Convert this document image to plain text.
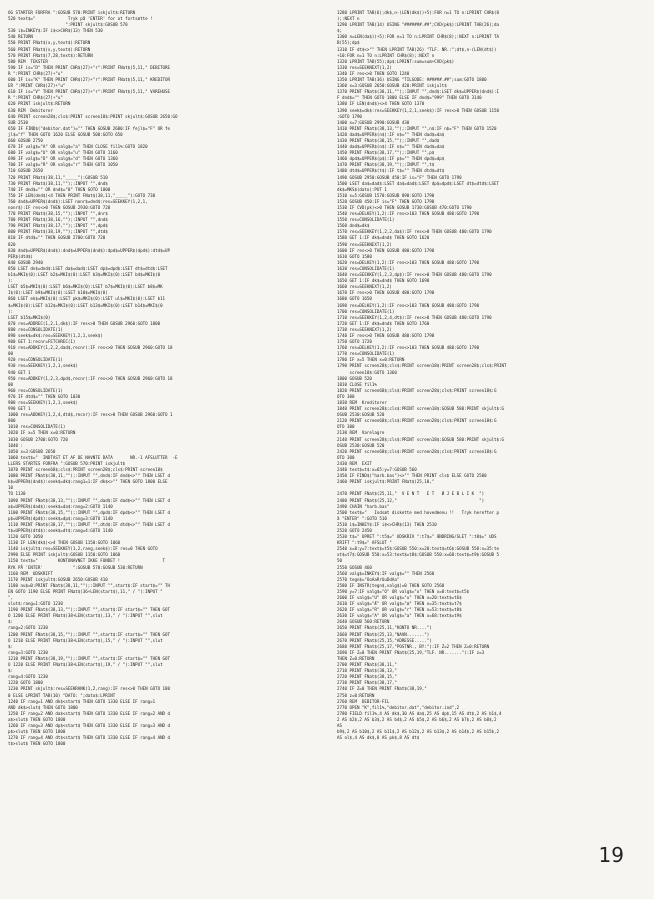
OG STARTER FORFRA ":GOSUB 570:PRINT iskjult$:RETURN
520 text$="             Tryk på 'ENTER' for at fortsætte !
":PRINT skjult$:GOSUB 570
530 i$=INKEY$:IF i$<>CHR$(13) THEN 530
540 RETURN
550 PRINT FNat$(x,y,text$):RETURN
560 PRINT FNat$(x,y,text$):RETURN
570 PRINT FNat$(7,28,text$):RETURN
580 REM  TEKSTER
590 IF is="D" THEN PRINT CHR$(27)+"r":PRINT FNat$(5,11," DEBITORE
R ":PRINT CHR$(27)+"u"
600 IF is="K" THEN PRINT CHR$(27)+"r":PRINT FNat$(5,11," KREDITOR
ER ":PRINT CHR$(27)+"u"
610 IF is="V" THEN PRINT CHR$(27)+"r":PRINT FNat$(5,11," VAREHUSE
R ":PRINT CHR$(27)+"u"
620 PRINT iskjult$:RETURN
630 REM  Debitorer
640 PRINT screen28$;cls$:PRINT screen18$:PRINT skjult$:GOSUB 2650:GO
SUB 2530
650 IF FIND$("debitor.dat")="" THEN GOSUB 2680:IF fejl$="F" OR fe
jl$="f" THEN GOTO 1620 ELSE GOSUB 500:GOTO 650
660 GOSUB 2750
670 IF valg$="A" OR valg$="a" THEN CLOSE fil1%:GOTO 1820
680 IF valg$="U" OR valg$="u" THEN GOTO 1160
690 IF valg$="D" OR valg$="d" THEN GOTO 1360
700 IF valg$="R" OR valg$="r" THEN GOTO 1050
710 GOSUB 2650
720 PRINT FNat$(38,11,"_____"):GOSUB 510
730 PRINT FNat$(38,11,"");:INPUT "",dnd$
740 IF dnd$="" OR dnd$="0" THEN GOTO 1800
750 IF LEN(dnd$)<4 THEN PRINT FNat$(38,11,"_____"):GOTO 730
760 dnd$=UPPER$(dnd$):LSET nonr$=dnd$:res=SEEKKEY(1,2,1,
nonr$):IF res<>0 THEN GOSUB 2930:GOTO 720
770 PRINT FNat$(38,15,"");:INPUT "",dnr$
780 PRINT FNat$(38,16,"");:INPUT "",dnd$
790 PRINT FNat$(38,17,"");:INPUT "",dpd$
800 PRINT FNat$(38,19,"");:INPUT "",dtd$
810 IF dtd$="" THEN GOSUB 2700:GOTO 720
820
830 dnd$=UPPER$(dnd$):dnd$=UPPER$(dnd$):dpd$=UPPER$(dpd$):dtd$=UP
PER$(dtd$)
840 GOSUB 2940
850 LSET dn$=dnd$:LSET da$=dad$:LSET dp$=dpd$:LSET dt$=dtd$:LSET
b1$=MKI$(0):LSET b2$=MKI$(0):LSET b3$=MKI$(0):LSET b4$=MKI$(0
):
LSET b5$=MKI$(0):LSET b6$=MKI$(0):LSET b7$=MKI$(0):LSET b8$=MK
I$(0):LSET b9$=MKI$(0):LSET b10$=MKI$(0)
860 LSET ek$=MKI$(0):LSET pk$=MKI$(0):LSET ul$=MKI$(0):LSET b11
$=MKI$(0):LSET b12$=MKI$(0):LSET b13$=MKI$(0):LSET b14$=MKI$(0
):
LSET b15$=MKI$(0)
870 res=ADDREC(1,2,1,dk$):IF res<>0 THEN GOSUB 2960:GOTO 1800
880 res=CONSOLIDATE(1)
890 seek$=dk$:res=SEEKKEY(1,2,1,seek$)
900 GET 1:recnr=FETCHREC(1)
910 res=ADDKEY(1,2,2,dad$,recnr):IF res<>0 THEN GOSUB 2960:GOTO 18
00
920 res=CONSOLIDATE(1)
930 res=SEEKKEY(1,2,1,seek$)
940 GET 1
950 res=ADDKEY(1,2,3,dpd$,recnr):IF res<>0 THEN GOSUB 2960:GOTO 18
00
960 res=CONSOLIDATE(1)
970 IF dtd$="" THEN GOTO 1030
980 res=SEEKKEY(1,2,1,seek$)
990 GET 1
1000 res=ADDKEY(1,2,4,dtd$,recnr):IF res<>0 THEN GOSUB 2960:GOTO 1
800
1010 res=CONSOLIDATE(1)
1020 IF x=5 THEN x=0:RETURN
1030 GOSUB 2700:GOTO 720
1040 :
1050 x=3:GOSUB 2650
1060 text$="  INDTAST ET AF DE NAVNTE DATA       NR.-1 AFSLUTTER  -E
LLERS STARTES FORFRA ":GOSUB 570:PRINT iskjult$
1070 PRINT screen68$;cls$:PRINT screen28$;cls$:PRINT screen18$
1080 PRINT FNat$(38,11,"");:INPUT "",dnd$:IF dnd$<>"" THEN LSET d
k$=UPPER$(dnd$):seek$=dk$:rang1=1:IF dk$<>"" THEN GOTO 1800 ELSE
10
TO 1130
1090 PRINT FNat$(38,13,"");:INPUT "",dad$:IF dad$<>"" THEN LSET d
a$=UPPER$(dad$):seek$=da$:rang=2:GOTO 1140
1100 PRINT FNat$(38,15,"");:INPUT "",dpd$:IF dpd$<>"" THEN LSET d
p$=UPPER$(dpd$):seek$=dp$:rang=3:GOTO 1140
1110 PRINT FNat$(38,17,"");:INPUT "",dtd$:IF dtd$<>"" THEN LSET d
t$=UPPER$(dtd$):seek$=dt$:rang=4:GOTO 1140
1120 GOTO 1050
1130 IF LEN(dk$)<>4 THEN GOSUB 1150:GOTO 1060
1140 iskjult$:res=SEEKKEY(1,2,rang,seek$):IF res=0 THEN GOTO
2990 ELSE PRINT iskjult$:GOSUB 1150:GOTO 1060
1150 text$="        KONTONAVNET IKKE FUNDET !                 T
RYK PÅ 'ENTER'            ":GOSUB 570:GOSUB 530:RETURN
1160 REM  UDSKRIFT
1170 PRINT iskjult$:GOSUB 2650:GOSUB 410
1180 nu$=0:PRINT FNat$(38,11,"");:INPUT "",start$:IF start$="" TH
EN GOTO 1190 ELSE PRINT FNat$(36+LEN(start$),11," / "):INPUT "
",
slut$:rang=1:GOTO 1230
1190 PRINT FNat$(38,13,"");:INPUT "",start$:IF start$="" THEN GOT
O 1200 ELSE PRINT FNat$(38+LEN(start$),13," / "):INPUT "",slut
$:
rang=2:GOTO 1230
1200 PRINT FNat$(38,15,"");:INPUT "",start$:IF start$="" THEN GOT
O 1210 ELSE PRINT FNat$(38+LEN(start$),15," / "):INPUT "",slut
$:
rang=3:GOTO 1230
1210 PRINT FNat$(38,19,"");:INPUT "",start$:IF start$="" THEN GOT
O 1220 ELSE PRINT FNat$(38+LEN(start$),19," / "):INPUT "",slut
$:
rang=4:GOTO 1230
1220 GOTO 1800
1230 PRINT skjult$:res=SEEKRANK(1,2,rang):IF res<>0 THEN GOTO 180
0 ELSE LPRINT TAB(10) "DATO: ";dato$:LPRINT
1240 IF rang=1 AND dk$<start$ THEN GOTO 1330 ELSE IF rang=1
AND dk$>slut$ THEN GOTO 1800
1250 IF rang=2 AND da$<start$ THEN GOTO 1330 ELSE IF rang=2 AND d
a$>slut$ THEN GOTO 1800
1260 IF rang=3 AND dp$<start$ THEN GOTO 1330 ELSE IF rang=3 AND d
p$>slut$ THEN GOTO 1800
1270 IF rang=4 AND dt$<start$ THEN GOTO 1330 ELSE IF rang=4 AND d
t$>slut$ THEN GOTO 1800
1280 LPRINT TAB(6);dk$,n-(LEN(dk$))+5):FOR n=1 TO n:LPRINT CHR$(8
);:NEXT n
1290 LPRINT TAB(14) USING "#######.##";CVD(pk$):LPRINT TAB(26);da
$;
1300 n=LEN(da$))+5):FOR n=1 TO n:LPRINT CHR$(8);:NEXT n:LPRINT TA
B(55);dp$
1310 IF dt$<>"" THEN LPRINT TAB(26) "TLF. NR.:";dt$,n-(LEN(dt$))
+10:FOR n=1 TO n:LPRINT CHR$(8);:NEXT n
1320 LPRINT TAB(55);dp$:LPRINT:sum=sum+CVD(pk$)
1330 res=SEEKNEXT(1,2)
1340 IF res<>0 THEN GOTO 1240
1350 LPRINT TAB(36) USING "TILGODE: ######.##";sum:GOTO 1800
1360 x=3:GOSUB 2650:GOSUB 420:PRINT iskjult$
1370 PRINT FNat$(38,11,"");:INPUT "",dnd$:LSET dk$=UPPER$(dnd$):I
F dnd$="" THEN GOTO 1800 ELSE IF dnd$="999" THEN GOTO 3140
1380 IF LEN(dnd$)<>4 THEN GOTO 1370
1390 seek$=dk$:res=SEEKKEY(1,2,1,seek$):IF res<>0 THEN GOSUB 1150
:GOTO 1790
1400 x=7:GOSUB 2990:GOSUB 430
1410 PRINT FNat$(38,13,"");:INPUT "",n$:IF n$="F" THEN GOTO 1520
1420 dad$=UPPER$(n$):IF n$="" THEN dad$=da$
1430 PRINT FNat$(38,15,"");:INPUT "",dad$
1440 dad$=UPPER$(n$):IF n$="" THEN dad$=da$
1450 PRINT FNat$(38,17,"");:INPUT "",p$
1460 dpd$=UPPER$(p$):IF p$="" THEN dpd$=dp$
1470 PRINT FNat$(38,19,"");:INPUT "",t$
1480 dtd$=UPPER$(t$):IF t$="" THEN dtd$=dt$
1490 GOSUB 2950:GOSUB 450:IF is="F" THEN GOTO 1790
1500 LSET da$=dad$:LSET da$=dad$:LSET dp$=dpd$:LSET dt$=dtd$:LSET
dk$=MKS$(dato):PUT 1
1510 x=5:GOSUB 1570:GOSUB 890:GOTO 1790
1520 GOSUB 450:IF is="F" THEN GOTO 1790
1530 IF CVD(pk)<>0 THEN GOSUB 1730:GOSUB 470:GOTO 1790
1540 res=DELKEY(1,2):IF res<>103 THEN GOSUB 480:GOTO 1790
1550 res=CONSOLIDATE(1)
1560 dnd$=dk$
1570 res=SEEKKEY(1,2,2,da$):IF res<>0 THEN GOSUB 480:GOTO 1790
1580 GET 1:IF dk$=dnd$ THEN GOTO 1620
1590 res=SEEKNEXT(1,2)
1600 IF res<>0 THEN GOSUB 480:GOTO 1790
1610 GOTO 1580
1620 res=DELKEY(1,2):IF res<>103 THEN GOSUB 480:GOTO 1790
1630 res=CONSOLIDATE(1)
1640 res=SEEKKEY(1,2,3,dp$):IF res<>0 THEN GOSUB 480:GOTO 1790
1650 GET 1:IF dk$=dnd$ THEN GOTO 1690
1660 res=SEEKNEXT(1,2)
1670 IF res<>0 THEN GOSUB 480:GOTO 1790
1680 GOTO 1650
1690 res=DELKEY(1,2):IF res<>103 THEN GOSUB 480:GOTO 1790
1700 res=CONSOLIDATE(1)
1710 res=SEEKKEY(1,2,4,dt$):IF res<>0 THEN GOSUB 480:GOTO 1790
1720 GET 1:IF dk$=dnd$ THEN GOTO 1760
1730 res=SEEKNEXT(1,2)
1740 IF res<>0 THEN GOSUB 480:GOTO 1790
1750 GOTO 1720
1760 res=DELKEY(1,2):IF res<>103 THEN GOSUB 480:GOTO 1790
1770 res=CONSOLIDATE(1)
1780 IF x=5 THEN x=0:RETURN
1790 PRINT screen28$;cls$:PRINT screen18$:PRINT screen28$;cls$:PRINT
screen18$:GOTO 1360
1800 GOSUB 520
1810 CLOSE fil1%
1820 PRINT screen68$;cls$:PRINT screen28$;cls$:PRINT screen18$:G
OTO 300
1830 REM  Kreditorer
1840 PRINT screen28$;cls$:PRINT screen18$:GOSUB 580:PRINT skjult$:G
OSUB 2530:GOSUB 520
2120 PRINT screen68$;cls$:PRINT screen28$;cls$:PRINT screen18$:G
OTO 300
2130 REM  Varelagre
2140 PRINT screen28$;cls$:PRINT screen18$:GOSUB 580:PRINT skjult$:G
OSUB 2530:GOSUB 520
2420 PRINT screen68$;cls$:PRINT screen28$;cls$:PRINT screen18$:G
OTO 300
2430 REM  EXIT
2440 text$=t$:x=65:y=7:GOSUB 560
2450 IF FIND$("harb.bas")<>"" THEN PRINT cls$ ELSE GOTO 2500
2460 PRINT iskjult$:PRINT FNat$(25,10,"
2470 PRINT FNat$(25,11,"  V E N T   E T   Ø J E B L I K  ")
2480 PRINT FNat$(25,12,"                                 ")
2490 CHAIN "harb.bas"
2500 text$="   Indsæt diskette med hovedmenu !!   Tryk herefter p
å "ENTER" ":GOTO 510
2510 i$=INKEY$:IF i$<>CHR$(13) THEN 2510
2520 GOTO 2450
2530 t$=" OPRET ":t5$=" UDSKRIV ":t7$=" ÆNDRING/SLET ":t8$=" UDS
KRIFT ":t9$=" AFSLUT "
2540 x=8:y=7:text$=t5$:GOSUB 550:x=20:text$=t6$:GOSUB 550:x=35:te
xt$=t7$:GOSUB 550:x=53:text$=t8$:GOSUB 550:x=68:text$=t9$:GOSUB 5
50
2550 GOSUB 460
2560 valg$=INKEY$:IF valg$="" THEN 2560
2570 tegn$="OoAaRrUuDdAa"
2580 IF INSTR(tegn$,valg$)=0 THEN GOTO 2560
2590 y=7:IF valg$="O" OR valg$="o" THEN x=8:text$=t5$
2600 IF valg$="U" OR valg$="u" THEN x=20:text$=t6$
2610 IF valg$="Æ" OR valg$="æ" THEN x=35:text$=t7$
2620 IF valg$="R" OR valg$="r" THEN x=53:text$=t8$
2630 IF valg$="A" OR valg$="a" THEN x=68:text$=t9$
2640 GOSUB 560:RETURN
2650 PRINT FNat$(25,11,"KONTO NR....")
2660 PRINT FNat$(25,13,"NAVN.......")
2670 PRINT FNat$(25,15,"ADRESSE.....")
2680 PRINT FNat$(25,17,"POSTNR., BY:"):IF Z=2 THEN Z=0:RETURN
2690 IF Z=0 THEN PRINT FNat$(25,19,"TLF. NR......."):IF z=3
THEN Z=0:RETURN
2700 PRINT FNat$(38,11,"
2710 PRINT FNat$(38,13,"
2720 PRINT FNat$(38,15,"
2730 PRINT FNat$(38,17,"
2740 IF Z=0 THEN PRINT FNat$(38,19,"
2750 z=0:RETURN
2760 REM  DEBITOR-FIL
2770 OPEN "K",fil1%,"debitor.dat","debitor.ind",2
2780 FIELD fil1%,4 AS dk$,30 AS da$,25 AS dp$,15 AS dt$,2 AS b1$,4
2 AS b2$,2 AS b3$,2 AS b4$,2 AS b5$,2 AS b6$,2 AS b7$,2 AS b8$,2
AS
b9$,2 AS b10$,2 AS b11$,2 AS b12$,2 AS b13$,2 AS b14$,2 AS b15$,2
AS ol$,4 AS dk$,8 AS pk$,8 AS dt$
19
